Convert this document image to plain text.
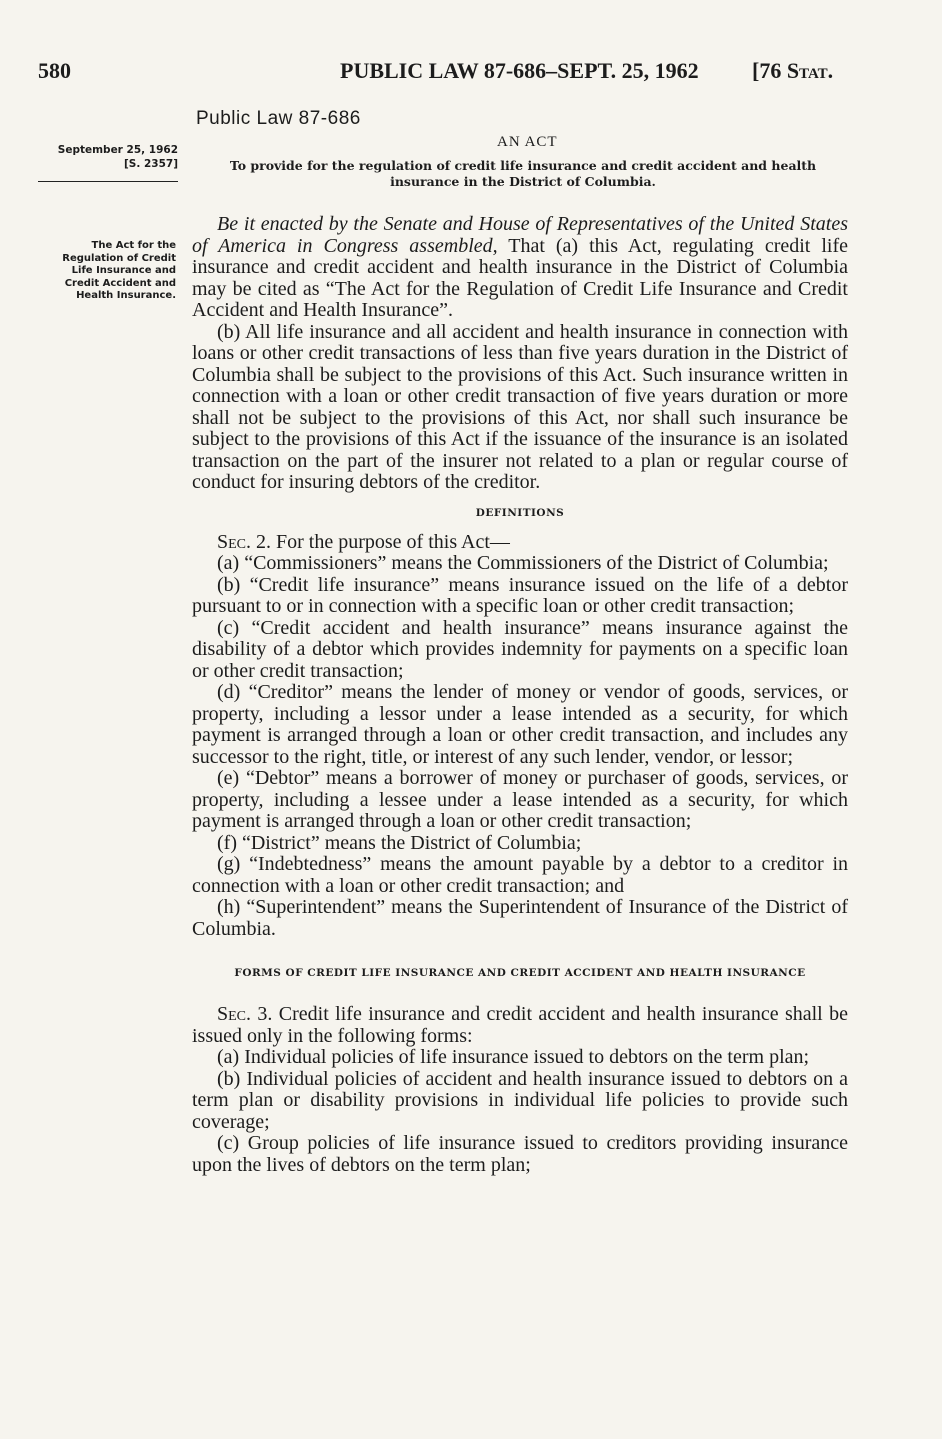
580	PUBLIC LAW 87-686–SEPT. 25, 1962 [76 Stat.
Public Law 87-686
AN ACT
September 25, 1962
[S. 2357]	To provide for the regulation of credit life insurance and credit accident and health insurance in the District of Columbia.
The Act for the Regulation of Credit Life Insurance and Credit Accident and Health Insurance.

Be it enacted by the Senate and House of Representatives of the United States of America in Congress assembled, That (a) this Act, regulating credit life insurance and credit accident and health insurance in the District of Columbia may be cited as “The Act for the Regulation of Credit Life Insurance and Credit Accident and Health Insurance”.

(b) All life insurance and all accident and health insurance in connection with loans or other credit transactions of less than five years duration in the District of Columbia shall be subject to the provisions of this Act. Such insurance written in connection with a loan or other credit transaction of five years duration or more shall not be subject to the provisions of this Act, nor shall such insurance be subject to the provisions of this Act if the issuance of the insurance is an isolated transaction on the part of the insurer not related to a plan or regular course of conduct for insuring debtors of the creditor.

DEFINITIONS

Sec. 2. For the purpose of this Act—

(a) “Commissioners” means the Commissioners of the District of Columbia;

(b) “Credit life insurance” means insurance issued on the life of a debtor pursuant to or in connection with a specific loan or other credit transaction;

(c) “Credit accident and health insurance” means insurance against the disability of a debtor which provides indemnity for payments on a specific loan or other credit transaction;

(d) “Creditor” means the lender of money or vendor of goods, services, or property, including a lessor under a lease intended as a security, for which payment is arranged through a loan or other credit transaction, and includes any successor to the right, title, or interest of any such lender, vendor, or lessor;

(e) “Debtor” means a borrower of money or purchaser of goods, services, or property, including a lessee under a lease intended as a security, for which payment is arranged through a loan or other credit transaction;

(f) “District” means the District of Columbia;

(g) “Indebtedness” means the amount payable by a debtor to a creditor in connection with a loan or other credit transaction; and

(h) “Superintendent” means the Superintendent of Insurance of the District of Columbia.

FORMS OF CREDIT LIFE INSURANCE AND CREDIT ACCIDENT AND HEALTH INSURANCE

Sec. 3. Credit life insurance and credit accident and health insurance shall be issued only in the following forms:

(a) Individual policies of life insurance issued to debtors on the term plan;

(b) Individual policies of accident and health insurance issued to debtors on a term plan or disability provisions in individual life policies to provide such coverage;

(c) Group policies of life insurance issued to creditors providing insurance upon the lives of debtors on the term plan;
